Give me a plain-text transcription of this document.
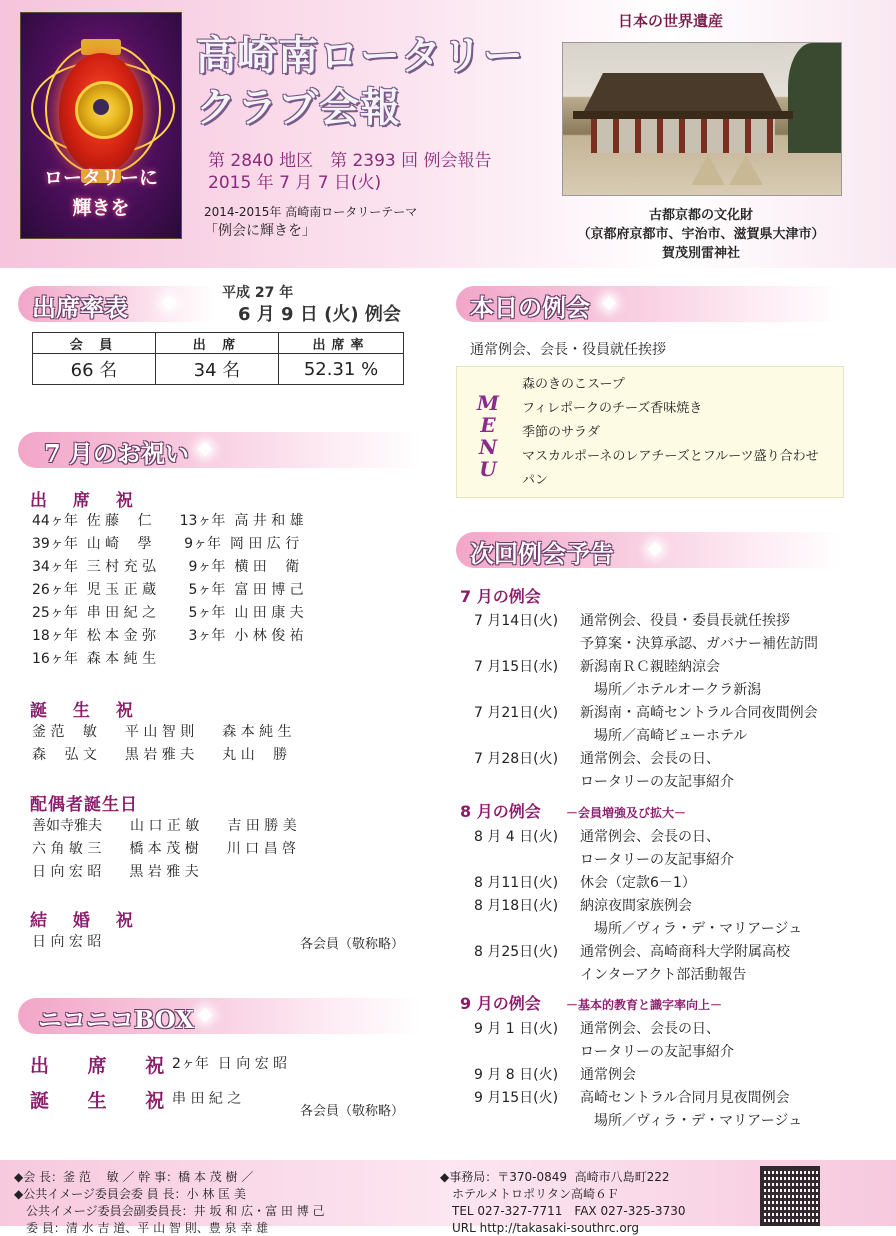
ロータリーに
輝きを
高崎南ロータリー
クラブ会報
第 2840 地区　第 2393 回 例会報告
2015 年 7 月 7 日(火)
2014-2015年 高崎南ロータリーテーマ
「例会に輝きを」
日本の世界遺産
古都京都の文化財
（京都府京都市、宇治市、滋賀県大津市）
賀茂別雷神社
出席率表	平成 27 年
6 月 9 日 (火) 例会
会 員	出 席	出席率
66 名	34 名	52.31 %
7 月のお祝い
出 席 祝
44ヶ年  佐 藤　 仁　　13ヶ年  高 井 和 雄
39ヶ年  山 崎　 學　　 9ヶ年  岡 田 広 行
34ヶ年  三 村 充 弘　　 9ヶ年  横 田　 衛
26ヶ年  児 玉 正 蔵　　 5ヶ年  富 田 博 己
25ヶ年  串 田 紀 之　　 5ヶ年  山 田 康 夫
18ヶ年  松 本 金 弥　　 3ヶ年  小 林 俊 祐
16ヶ年  森 本 純 生
誕 生 祝
釜 范　 敏　　平 山 智 則　　森 本 純 生
森　 弘 文　　黒 岩 雅 夫　　丸 山　 勝
配偶者誕生日
善如寺雅夫　　山 口 正 敏　　吉 田 勝 美
六 角 敏 三　　橋 本 茂 樹　　川 口 昌 啓
日 向 宏 昭　　黒 岩 雅 夫
結 婚 祝
日 向 宏 昭	各会員（敬称略）
ニコニコBOX
出 席 祝
2ヶ年  日 向 宏 昭
誕 生 祝
串 田 紀 之
各会員（敬称略）
本日の例会
通常例会、会長・役員就任挨拶
M
E
N
U
森のきのこスープ
フィレポークのチーズ香味焼き
季節のサラダ
マスカルポーネのレアチーズとフルーツ盛り合わせ
パン
次回例会予告
7 月の例会
7 月14日(火) 通常例会、役員・委員長就任挨拶
予算案・決算承認、ガバナー補佐訪問
7 月15日(水) 新潟南ＲＣ親睦納涼会
　場所／ホテルオークラ新潟
7 月21日(火) 新潟南・高崎セントラル合同夜間例会
　場所／高崎ビューホテル
7 月28日(火) 通常例会、会長の日、
ロータリーの友記事紹介
8 月の例会 －会員増強及び拡大－
8 月 4 日(火) 通常例会、会長の日、
ロータリーの友記事紹介
8 月11日(火) 休会（定款6－1）
8 月18日(火) 納涼夜間家族例会
　場所／ヴィラ・デ・マリアージュ
8 月25日(火) 通常例会、高崎商科大学附属高校
インターアクト部活動報告
9 月の例会 －基本的教育と識字率向上－
9 月 1 日(火) 通常例会、会長の日、
ロータリーの友記事紹介
9 月 8 日(火) 通常例会
9 月15日(火) 高崎セントラル合同月見夜間例会
　場所／ヴィラ・デ・マリアージュ
◆会 長：釜 范　 敏 ／ 幹 事：橋 本 茂 樹 ／
◆公共イメージ委員会委 員 長：小 林 匡 美
　公共イメージ委員会副委員長：井 坂 和 広・富 田 博 己
　委 員：清 水 吉 道、平 山 智 則、豊 泉 幸 雄
◆事務局：〒370-0849  高崎市八島町222
　ホテルメトロポリタン高崎６Ｆ
　TEL 027-327-7711　FAX 027-325-3730
　URL http://takasaki-southrc.org
